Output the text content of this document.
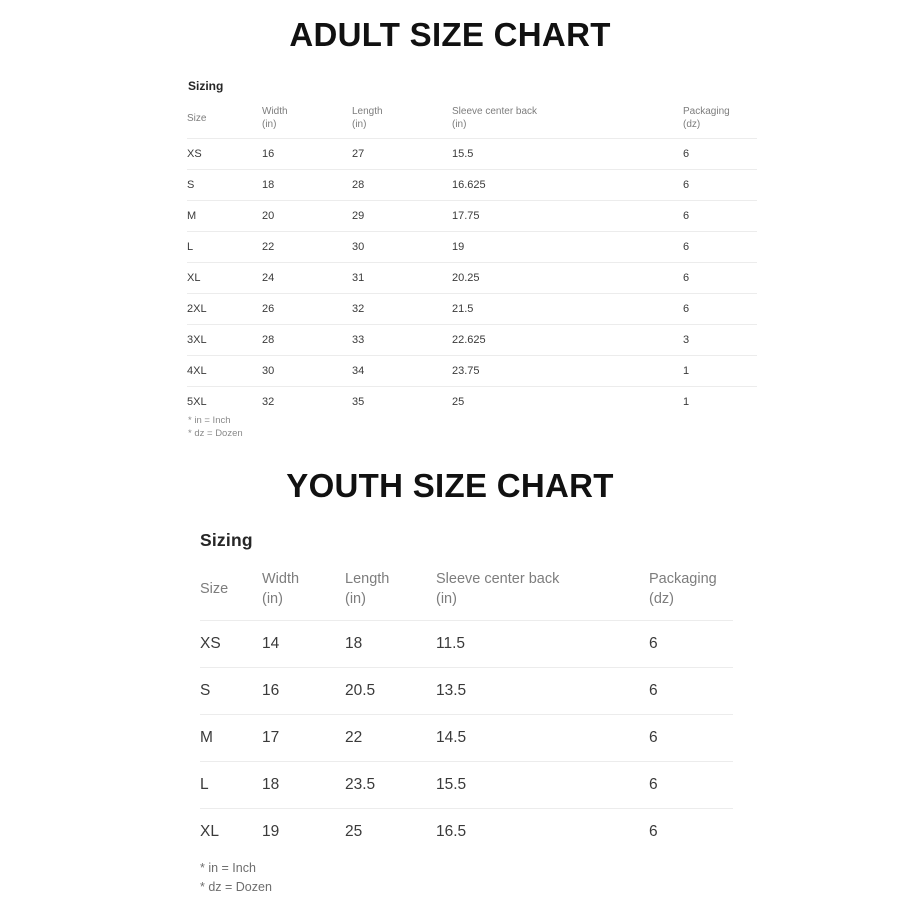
ADULT SIZE CHART
Sizing
Size

Width
(in)

Length
(in)

Sleeve center back
(in)

Packaging
(dz)

XS	16	27	15.5	6
S	18	28	16.625	6
M	20	29	17.75	6
L	22	30	19	6
XL	24	31	20.25	6
2XL	26	32	21.5	6
3XL	28	33	22.625	3
4XL	30	34	23.75	1
5XL	32	35	25	1
* in = Inch
* dz = Dozen
YOUTH SIZE CHART
Sizing
Size

Width
(in)

Length
(in)

Sleeve center back
(in)

Packaging
(dz)

XS	14	18	11.5	6
S	16	20.5	13.5	6
M	17	22	14.5	6
L	18	23.5	15.5	6
XL	19	25	16.5	6
* in = Inch
* dz = Dozen
